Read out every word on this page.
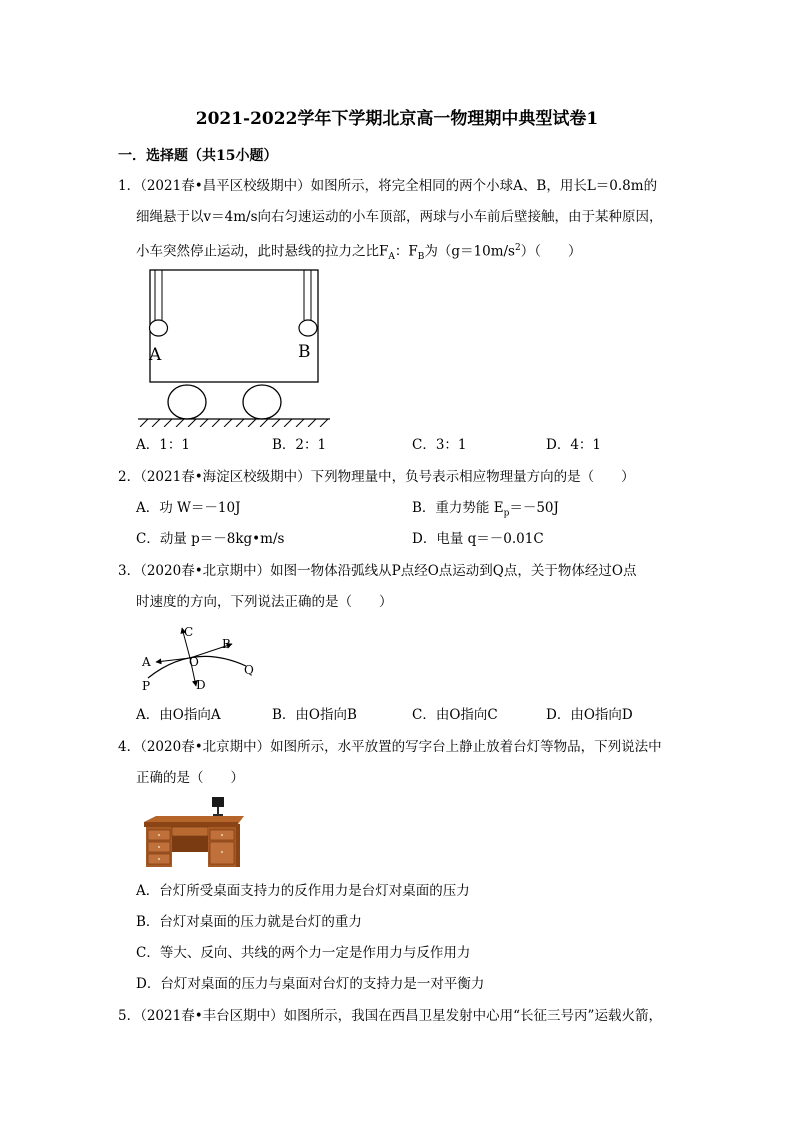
2021-2022学年下学期北京高一物理期中典型试卷1
一．选择题（共15小题）
1．（2021春•昌平区校级期中）如图所示，将完全相同的两个小球A、B，用长L＝0.8m的
细绳悬于以v＝4m/s向右匀速运动的小车顶部，两球与小车前后壁接触，由于某种原因，
小车突然停止运动，此时悬线的拉力之比$F_A$：$F_B$为$(g=10m/s^2)$（　　）
A	B
A．1：1	B．2：1	C．3：1	D．4：1
2．（2021春•海淀区校级期中）下列物理量中，负号表示相应物理量方向的是（　　）
A．功 W＝－10J	B．重力势能 $E_p=-50J$
C．动量 p＝－8kg•m/s	D．电量 q＝－0.01C
3．（2020春•北京期中）如图一物体沿弧线从P点经O点运动到Q点，关于物体经过O点
时速度的方向，下列说法正确的是（　　）
C
B
A	O
D
P
Q
A．由O指向A	B．由O指向B	C．由O指向C	D．由O指向D
4．（2020春•北京期中）如图所示，水平放置的写字台上静止放着台灯等物品，下列说法中
正确的是（　　）
A．台灯所受桌面支持力的反作用力是台灯对桌面的压力
B．台灯对桌面的压力就是台灯的重力
C．等大、反向、共线的两个力一定是作用力与反作用力
D．台灯对桌面的压力与桌面对台灯的支持力是一对平衡力
5．（2021春•丰台区期中）如图所示，我国在西昌卫星发射中心用“长征三号丙”运载火箭，
